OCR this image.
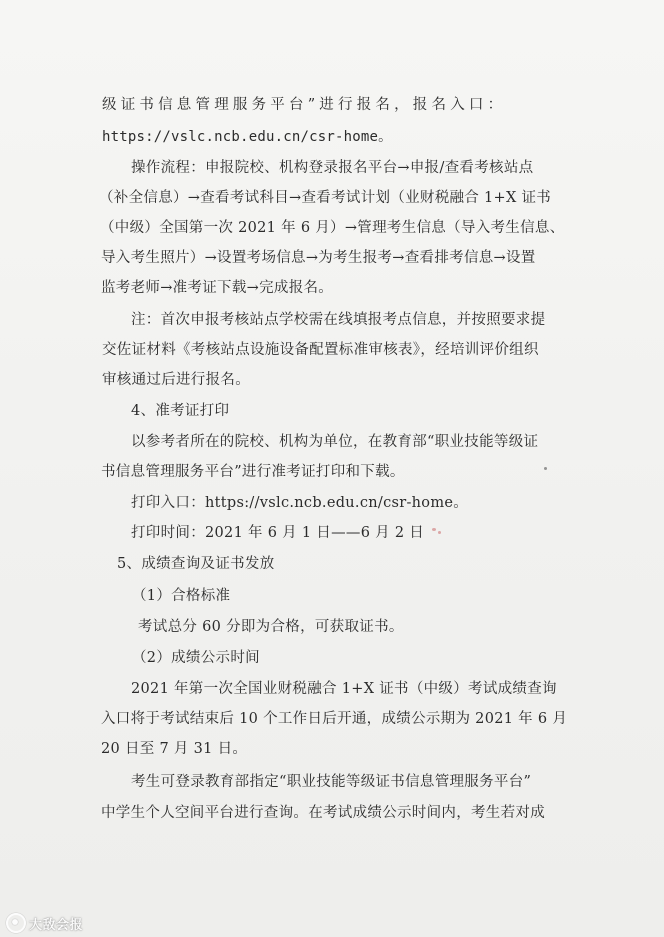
级证书信息管理服务平台”进行报名，报名入口：
https://vslc.ncb.edu.cn/csr-home。
操作流程：申报院校、机构登录报名平台→申报/查看考核站点
（补全信息）→查看考试科目→查看考试计划（业财税融合 1+X 证书
（中级）全国第一次 2021 年 6 月）→管理考生信息（导入考生信息、
导入考生照片）→设置考场信息→为考生报考→查看排考信息→设置
监考老师→准考证下载→完成报名。
注：首次申报考核站点学校需在线填报考点信息，并按照要求提
交佐证材料《考核站点设施设备配置标准审核表》，经培训评价组织
审核通过后进行报名。
4、准考证打印
以参考者所在的院校、机构为单位，在教育部“职业技能等级证
书信息管理服务平台”进行准考证打印和下载。
打印入口：https://vslc.ncb.edu.cn/csr-home。
打印时间：2021 年 6 月 1 日——6 月 2 日
5、成绩查询及证书发放
（1）合格标准
考试总分 60 分即为合格，可获取证书。
（2）成绩公示时间
2021 年第一次全国业财税融合 1+X 证书（中级）考试成绩查询
入口将于考试结束后 10 个工作日后开通，成绩公示期为 2021 年 6 月
20 日至 7 月 31 日。
考生可登录教育部指定“职业技能等级证书信息管理服务平台”
中学生个人空间平台进行查询。在考试成绩公示时间内，考生若对成
大敌会报
